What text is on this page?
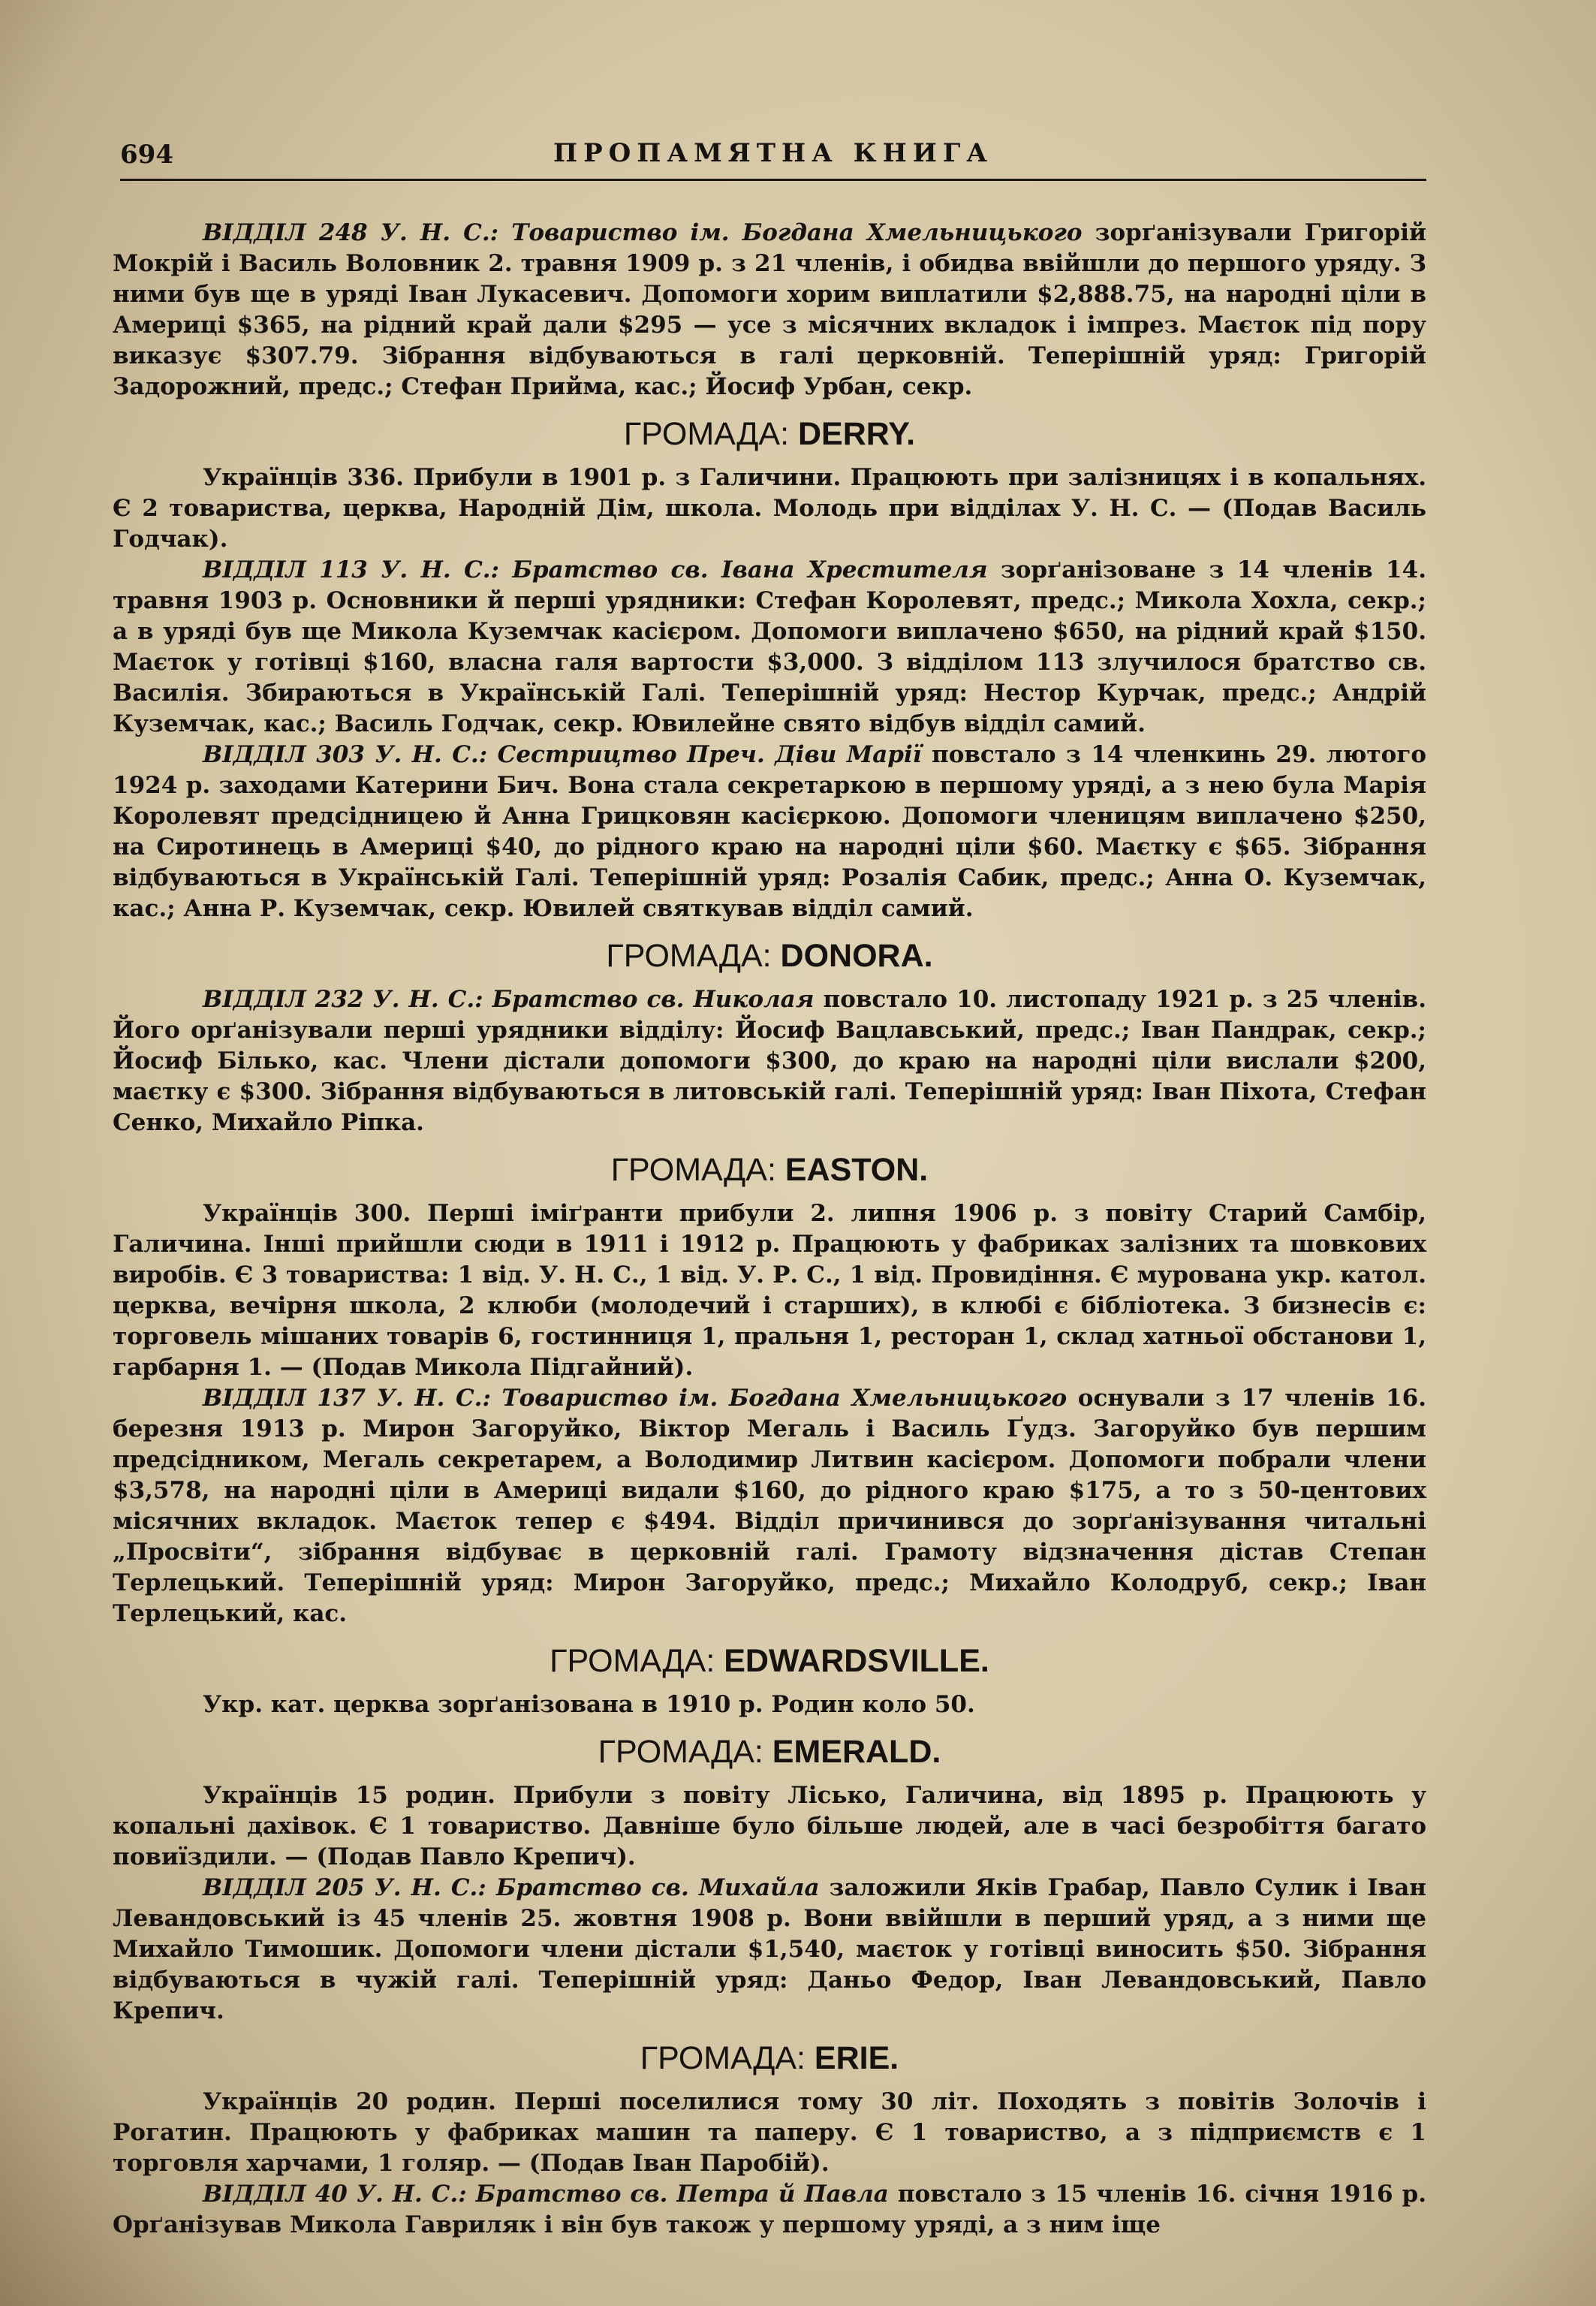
694	ПРОПАМЯТНА КНИГА

ВІДДІЛ 248 У. Н. С.: Товариство ім. Богдана Хмельницького зорґанізували Григорій Мокрій і Василь Воловник 2. травня 1909 р. з 21 членів, і обидва ввійшли до першого уряду. З ними був ще в уряді Іван Лукасевич. Допомоги хорим виплатили $2,888.75, на народні ціли в Америці $365, на рідний край дали $295 — усе з місячних вкладок і імпрез. Маєток під пору виказує $307.79. Зібрання відбуваються в галі церковній. Теперішній уряд: Григорій Задорожний, предс.; Стефан Прийма, кас.; Йосиф Урбан, секр.

ГРОМАДА: DERRY.

Українців 336. Прибули в 1901 р. з Галичини. Працюють при залізницях і в копальнях. Є 2 товариства, церква, Народній Дім, школа. Молодь при відділах У. Н. С. — (Подав Василь Годчак).

ВІДДІЛ 113 У. Н. С.: Братство св. Івана Хрестителя зорґанізоване з 14 членів 14. травня 1903 р. Основники й перші урядники: Стефан Королевят, предс.; Микола Хохла, секр.; а в уряді був ще Микола Куземчак касієром. Допомоги виплачено $650, на рідний край $150. Маєток у готівці $160, власна галя вартости $3,000. З відділом 113 злучилося братство св. Василія. Збираються в Українській Галі. Теперішній уряд: Нестор Курчак, предс.; Андрій Куземчак, кас.; Василь Годчак, секр. Ювилейне свято відбув відділ самий.

ВІДДІЛ 303 У. Н. С.: Сестрицтво Преч. Діви Марії повстало з 14 членкинь 29. лютого 1924 р. заходами Катерини Бич. Вона стала секретаркою в першому уряді, а з нею була Марія Королевят предсідницею й Анна Грицковян касієркою. Допомоги членицям виплачено $250, на Сиротинець в Америці $40, до рідного краю на народні ціли $60. Маєтку є $65. Зібрання відбуваються в Українській Галі. Теперішній уряд: Розалія Сабик, предс.; Анна О. Куземчак, кас.; Анна Р. Куземчак, секр. Ювилей святкував відділ самий.

ГРОМАДА: DONORA.

ВІДДІЛ 232 У. Н. С.: Братство св. Николая повстало 10. листопаду 1921 р. з 25 членів. Його орґанізували перші урядники відділу: Йосиф Вацлавський, предс.; Іван Пандрак, секр.; Йосиф Білько, кас. Члени дістали допомоги $300, до краю на народні ціли вислали $200, маєтку є $300. Зібрання відбуваються в литовській галі. Теперішній уряд: Іван Піхота, Стефан Сенко, Михайло Ріпка.

ГРОМАДА: EASTON.

Українців 300. Перші іміґранти прибули 2. липня 1906 р. з повіту Старий Самбір, Галичина. Інші прийшли сюди в 1911 і 1912 р. Працюють у фабриках залізних та шовкових виробів. Є 3 товариства: 1 від. У. Н. С., 1 від. У. Р. С., 1 від. Провидіння. Є мурована укр. катол. церква, вечірня школа, 2 клюби (молодечий і старших), в клюбі є бібліотека. З бизнесів є: торговель мішаних товарів 6, гостинниця 1, пральня 1, ресторан 1, склад хатньої обстанови 1, гарбарня 1. — (Подав Микола Підгайний).

ВІДДІЛ 137 У. Н. С.: Товариство ім. Богдана Хмельницького оснували з 17 членів 16. березня 1913 р. Мирон Загоруйко, Віктор Мегаль і Василь Ґудз. Загоруйко був першим предсідником, Мегаль секретарем, а Володимир Литвин касієром. Допомоги побрали члени $3,578, на народні ціли в Америці видали $160, до рідного краю $175, а то з 50-центових місячних вкладок. Маєток тепер є $494. Відділ причинився до зорґанізування читальні „Просвіти“, зібрання відбуває в церковній галі. Грамоту відзначення дістав Степан Терлецький. Теперішній уряд: Мирон Загоруйко, предс.; Михайло Колодруб, секр.; Іван Терлецький, кас.

ГРОМАДА: EDWARDSVILLE.

Укр. кат. церква зорґанізована в 1910 р. Родин коло 50.

ГРОМАДА: EMERALD.

Українців 15 родин. Прибули з повіту Лісько, Галичина, від 1895 р. Працюють у копальні дахівок. Є 1 товариство. Давніше було більше людей, але в часі безробіття багато повиїздили. — (Подав Павло Крепич).

ВІДДІЛ 205 У. Н. С.: Братство св. Михайла заложили Яків Грабар, Павло Сулик і Іван Левандовський із 45 членів 25. жовтня 1908 р. Вони ввійшли в перший уряд, а з ними ще Михайло Тимошик. Допомоги члени дістали $1,540, маєток у готівці виносить $50. Зібрання відбуваються в чужій галі. Теперішній уряд: Даньо Федор, Іван Левандовський, Павло Крепич.

ГРОМАДА: ERIE.

Українців 20 родин. Перші поселилися тому 30 літ. Походять з повітів Золочів і Рогатин. Працюють у фабриках машин та паперу. Є 1 товариство, а з підприємств є 1 торговля харчами, 1 голяр. — (Подав Іван Паробій).

ВІДДІЛ 40 У. Н. С.: Братство св. Петра й Павла повстало з 15 членів 16. січня 1916 р. Орґанізував Микола Гавриляк і він був також у першому уряді, а з ним іще
